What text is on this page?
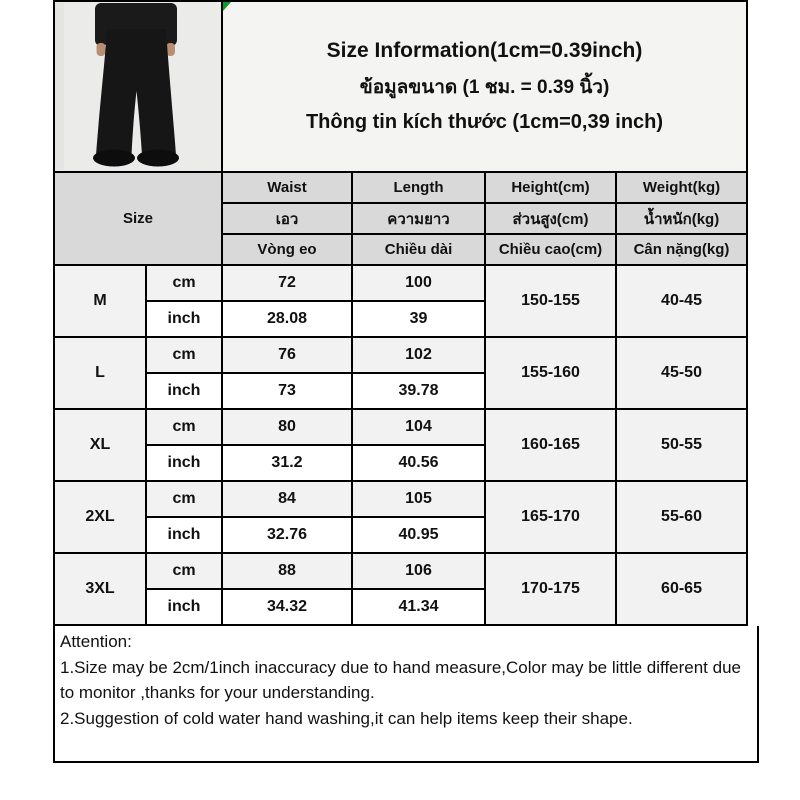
Size Information(1cm=0.39inch)
ข้อมูลขนาด (1 ชม. = 0.39 นิ้ว)
Thông tin kích thước (1cm=0,39 inch)			

Size		Waist	Length	Height(cm)	Weight(kg)
		เอว	ความยาว	ส่วนสูง(cm)	น้ำหนัก(kg)
		Vòng eo	Chiều dài	Chiều cao(cm)	Cân nặng(kg)
M	cm	72	100	150-155	40-45
	inch	28.08	39		
L	cm	76	102	155-160	45-50
	inch	73	39.78		
XL	cm	80	104	160-165	50-55
	inch	31.2	40.56		
2XL	cm	84	105	165-170	55-60
	inch	32.76	40.95		
3XL	cm	88	106	170-175	60-65
	inch	34.32	41.34		
Attention:
1.Size may be 2cm/1inch inaccuracy due to hand measure,Color may be little different due to monitor ,thanks for your understanding.
2.Suggestion of cold water hand washing,it can help items keep their shape.
